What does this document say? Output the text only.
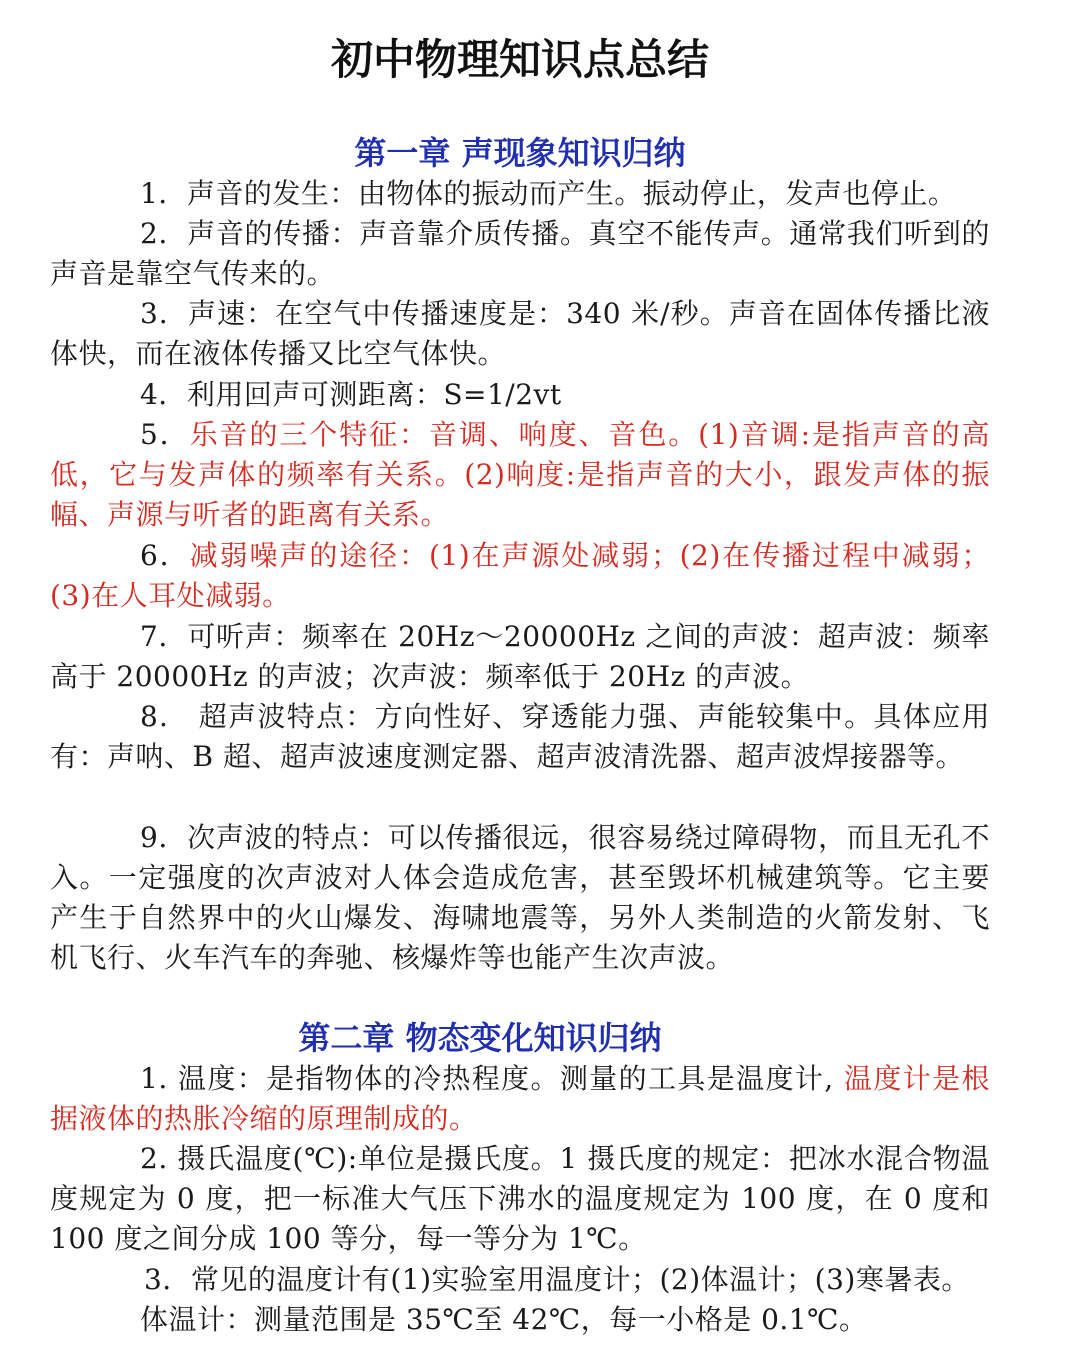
初中物理知识点总结
第一章 声现象知识归纳

1．声音的发生：由物体的振动而产生。振动停止，发声也停止。

2．声音的传播：声音靠介质传播。真空不能传声。通常我们听到的声音是靠空气传来的。

3．声速：在空气中传播速度是：340 米/秒。声音在固体传播比液体快，而在液体传播又比空气体快。

4．利用回声可测距离：S=1/2vt

5．乐音的三个特征：音调、响度、音色。(1)音调:是指声音的高低，它与发声体的频率有关系。(2)响度:是指声音的大小，跟发声体的振幅、声源与听者的距离有关系。

6．减弱噪声的途径：(1)在声源处减弱；(2)在传播过程中减弱；(3)在人耳处减弱。

7．可听声：频率在 20Hz～20000Hz 之间的声波：超声波：频率高于 20000Hz 的声波；次声波：频率低于 20Hz 的声波。

8． 超声波特点：方向性好、穿透能力强、声能较集中。具体应用有：声呐、B 超、超声波速度测定器、超声波清洗器、超声波焊接器等。

9．次声波的特点：可以传播很远，很容易绕过障碍物，而且无孔不入。一定强度的次声波对人体会造成危害，甚至毁坏机械建筑等。它主要产生于自然界中的火山爆发、海啸地震等，另外人类制造的火箭发射、飞机飞行、火车汽车的奔驰、核爆炸等也能产生次声波。

第二章 物态变化知识归纳

1. 温度：是指物体的冷热程度。测量的工具是温度计, 温度计是根据液体的热胀冷缩的原理制成的。

2. 摄氏温度(℃):单位是摄氏度。1 摄氏度的规定：把冰水混合物温度规定为 0 度，把一标准大气压下沸水的温度规定为 100 度，在 0 度和 100 度之间分成 100 等分，每一等分为 1℃。

3．常见的温度计有(1)实验室用温度计；(2)体温计；(3)寒暑表。

体温计：测量范围是 35℃至 42℃，每一小格是 0.1℃。
